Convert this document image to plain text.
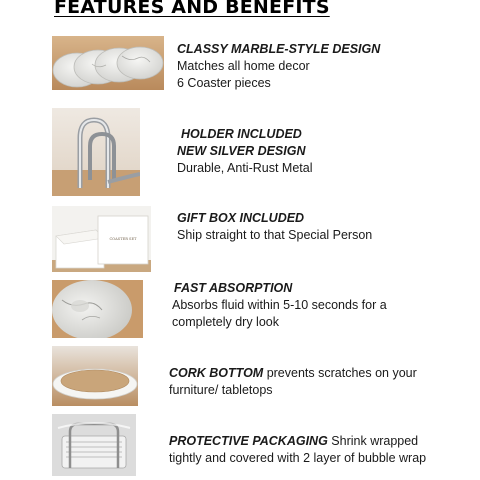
FEATURES AND BENEFITS
CLASSY MARBLE-STYLE DESIGN
Matches all home decor
6 Coaster pieces
HOLDER INCLUDED
NEW SILVER DESIGN
Durable, Anti-Rust Metal
COASTER SET
GIFT BOX INCLUDED
Ship straight to that Special Person
FAST ABSORPTION
Absorbs fluid within 5-10 seconds for a
completely dry look
CORK BOTTOM prevents scratches on your
furniture/ tabletops
PROTECTIVE PACKAGING Shrink wrapped
tightly and covered with 2 layer of bubble wrap
